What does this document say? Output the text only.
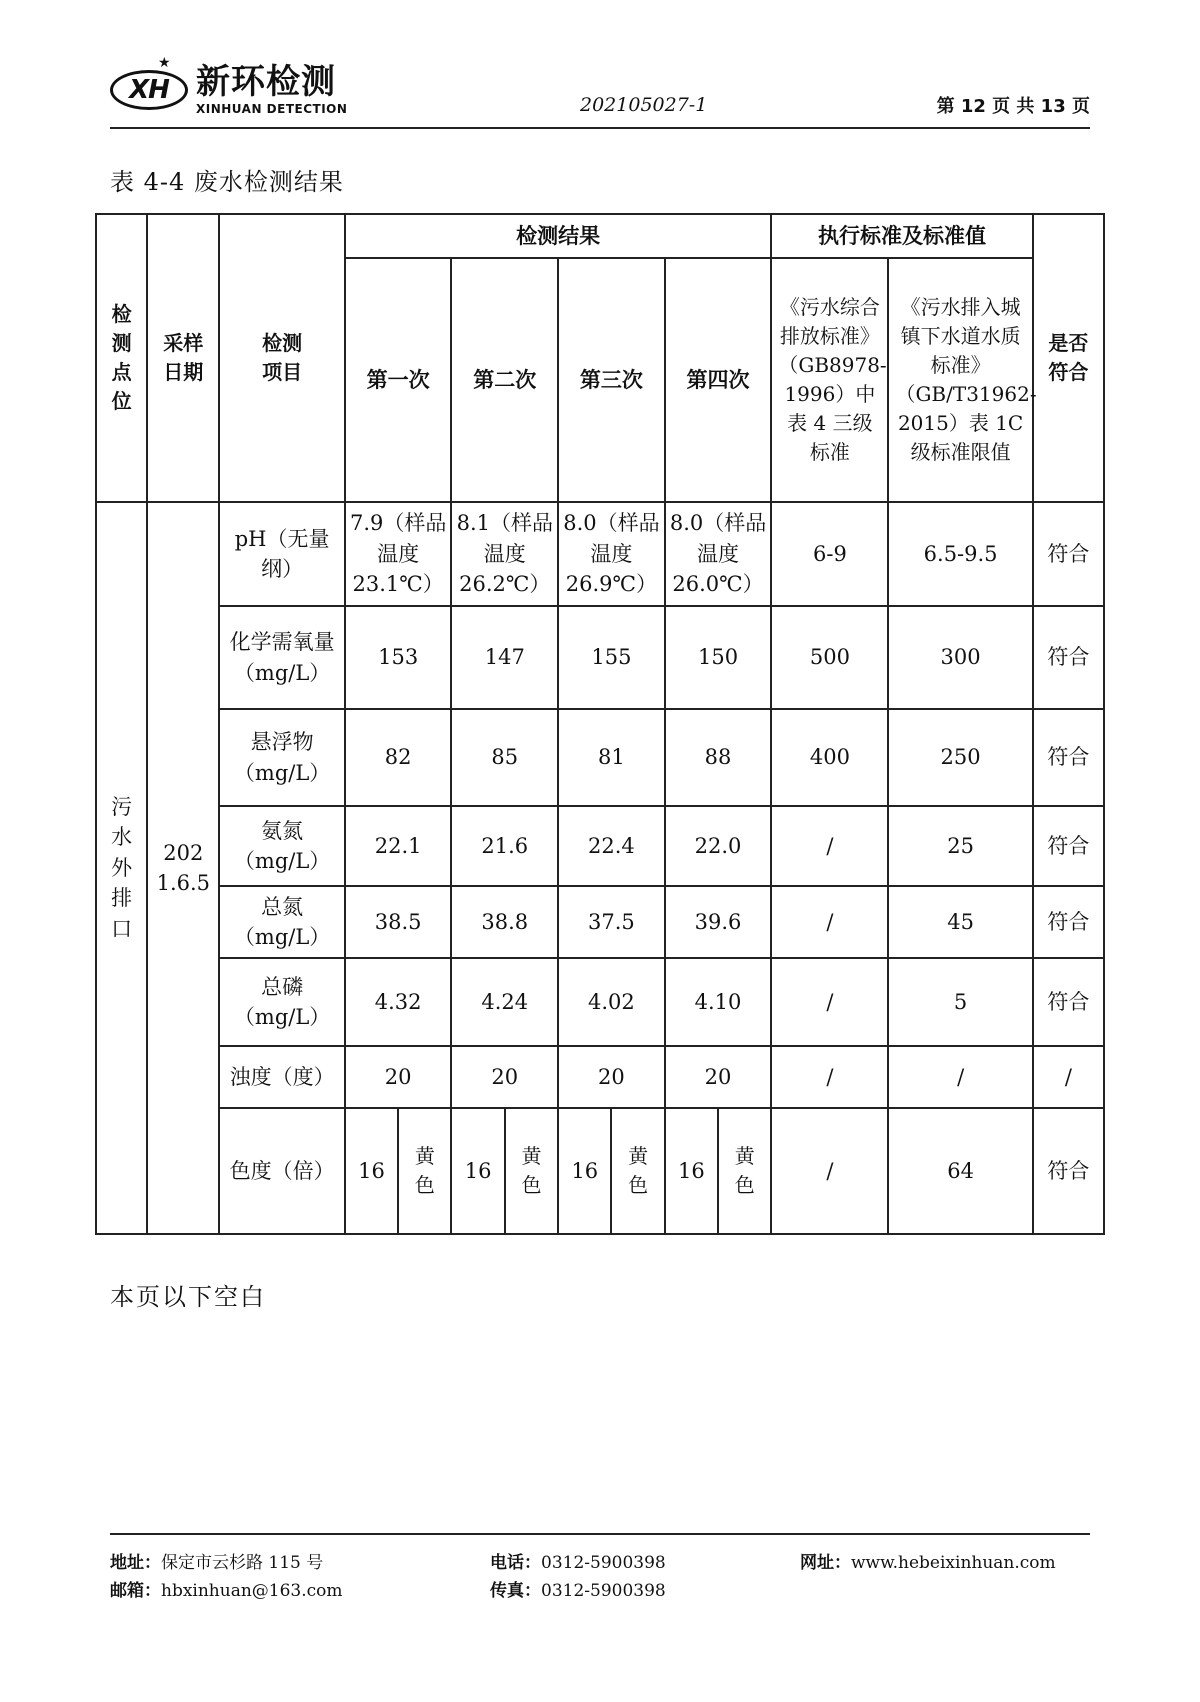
XH
★ 新环检测
XINHUAN DETECTION	202105027-1	第 12 页 共 13 页
表 4-4 废水检测结果
检测点位	采样日期	检测项目	检测结果								执行标准及标准值		是否符合
			第一次		第二次		第三次		第四次		《污水综合排放标准》（GB8978-1996）中表 4 三级标准	《污水排入城镇下水道水质标准》（GB/T31962-2015）表 1C 级标准限值	
污水外排口	2021.6.5	pH（无量纲）	7.9（样品温度 23.1℃）		8.1（样品温度 26.2℃）		8.0（样品温度 26.9℃）		8.0（样品温度 26.0℃）		6-9	6.5-9.5	符合
		化学需氧量（mg/L）	153		147		155		150		500	300	符合
		悬浮物（mg/L）	82		85		81		88		400	250	符合
		氨氮（mg/L）	22.1		21.6		22.4		22.0		/	25	符合
		总氮（mg/L）	38.5		38.8		37.5		39.6		/	45	符合
		总磷（mg/L）	4.32		4.24		4.02		4.10		/	5	符合
		浊度（度）	20		20		20		20		/	/	/
		色度（倍）	16	黄色	16	黄色	16	黄色	16	黄色	/	64	符合
本页以下空白
地址：保定市云杉路 115 号	电话：0312-5900398	网址：www.hebeixinhuan.com
邮箱：hbxinhuan@163.com	传真：0312-5900398
